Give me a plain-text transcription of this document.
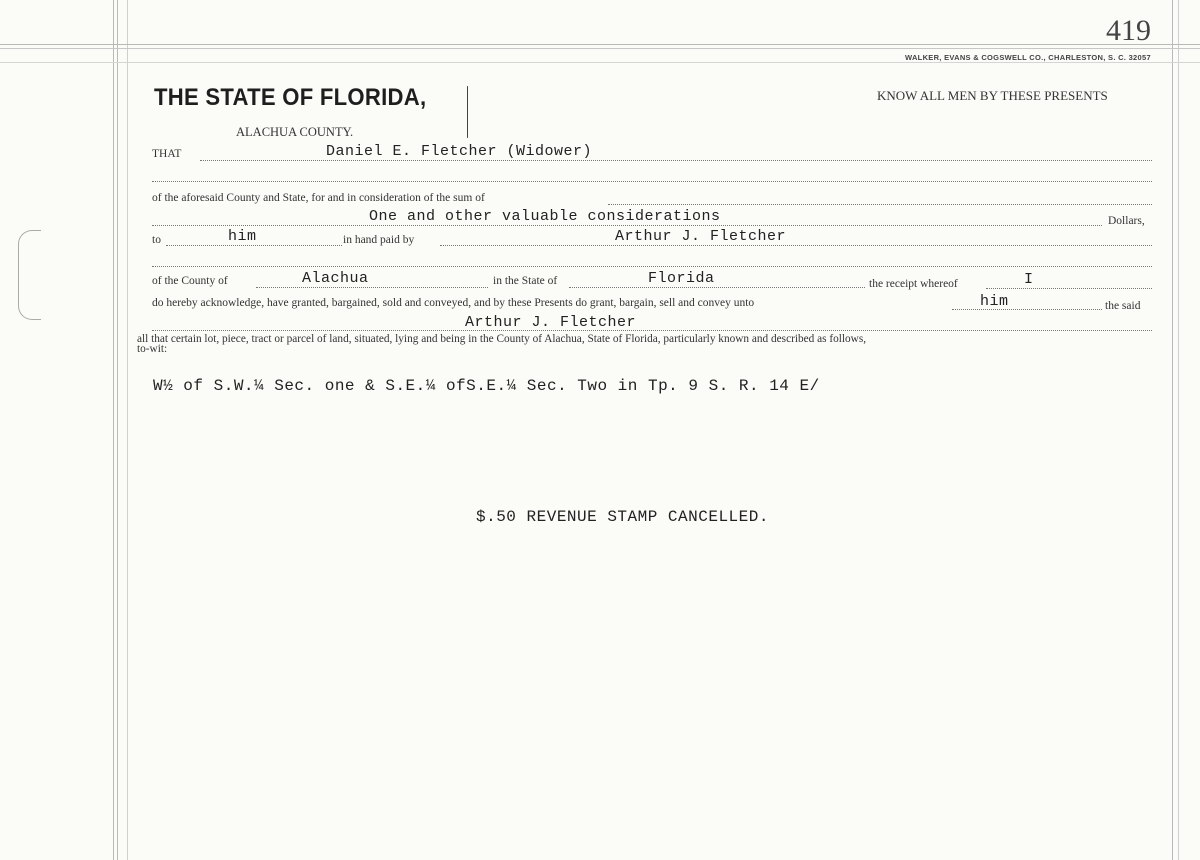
419
WALKER, EVANS & COGSWELL CO., CHARLESTON, S. C. 32057
THE STATE OF FLORIDA,
ALACHUA COUNTY.
KNOW ALL MEN BY THESE PRESENTS
THAT	Daniel E. Fletcher (Widower)
of the aforesaid County and State, for and in consideration of the sum of
One and other valuable considerations	Dollars,
to	him	in hand paid by	Arthur J. Fletcher
of the County of	Alachua	in the State of	Florida	the receipt whereof	I
do hereby acknowledge, have granted, bargained, sold and conveyed, and by these Presents do grant, bargain, sell and convey unto	him	the said
Arthur J. Fletcher
all that certain lot, piece, tract or parcel of land, situated, lying and being in the County of Alachua, State of Florida, particularly known and described as follows,
to-wit:
W½ of S.W.¼ Sec. one & S.E.¼ ofS.E.¼ Sec. Two in Tp. 9 S. R. 14 E/
$.50 REVENUE STAMP CANCELLED.
